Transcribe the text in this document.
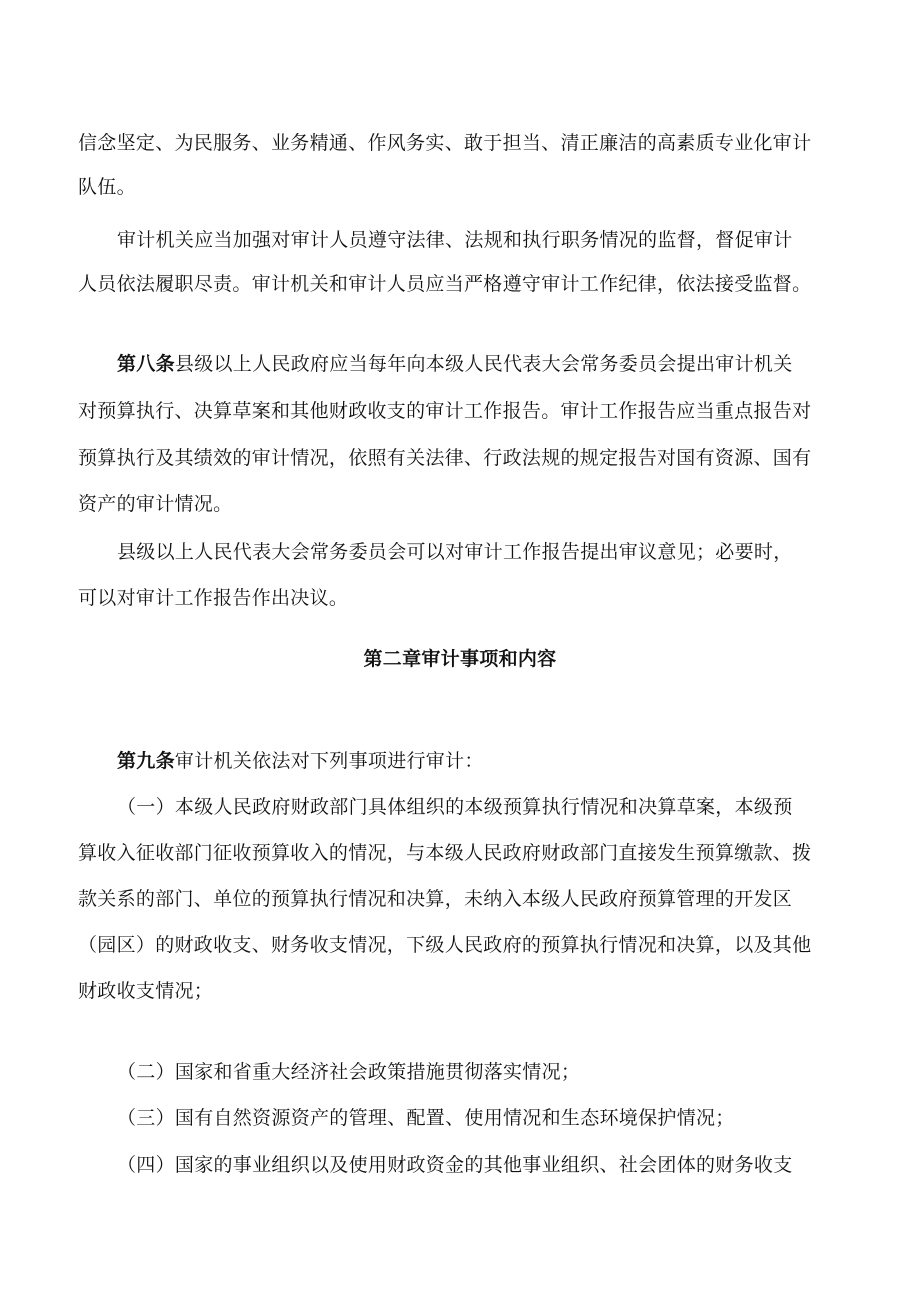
信念坚定、为民服务、业务精通、作风务实、敢于担当、清正廉洁的高素质专业化审计
队伍。
审计机关应当加强对审计人员遵守法律、法规和执行职务情况的监督，督促审计
人员依法履职尽责。审计机关和审计人员应当严格遵守审计工作纪律，依法接受监督。
第八条县级以上人民政府应当每年向本级人民代表大会常务委员会提出审计机关
对预算执行、决算草案和其他财政收支的审计工作报告。审计工作报告应当重点报告对
预算执行及其绩效的审计情况，依照有关法律、行政法规的规定报告对国有资源、国有
资产的审计情况。
县级以上人民代表大会常务委员会可以对审计工作报告提出审议意见；必要时，
可以对审计工作报告作出决议。
第二章审计事项和内容
第九条审计机关依法对下列事项进行审计：
（一）本级人民政府财政部门具体组织的本级预算执行情况和决算草案，本级预
算收入征收部门征收预算收入的情况，与本级人民政府财政部门直接发生预算缴款、拨
款关系的部门、单位的预算执行情况和决算，未纳入本级人民政府预算管理的开发区
（园区）的财政收支、财务收支情况，下级人民政府的预算执行情况和决算，以及其他
财政收支情况；
（二）国家和省重大经济社会政策措施贯彻落实情况；
（三）国有自然资源资产的管理、配置、使用情况和生态环境保护情况；
（四）国家的事业组织以及使用财政资金的其他事业组织、社会团体的财务收支
